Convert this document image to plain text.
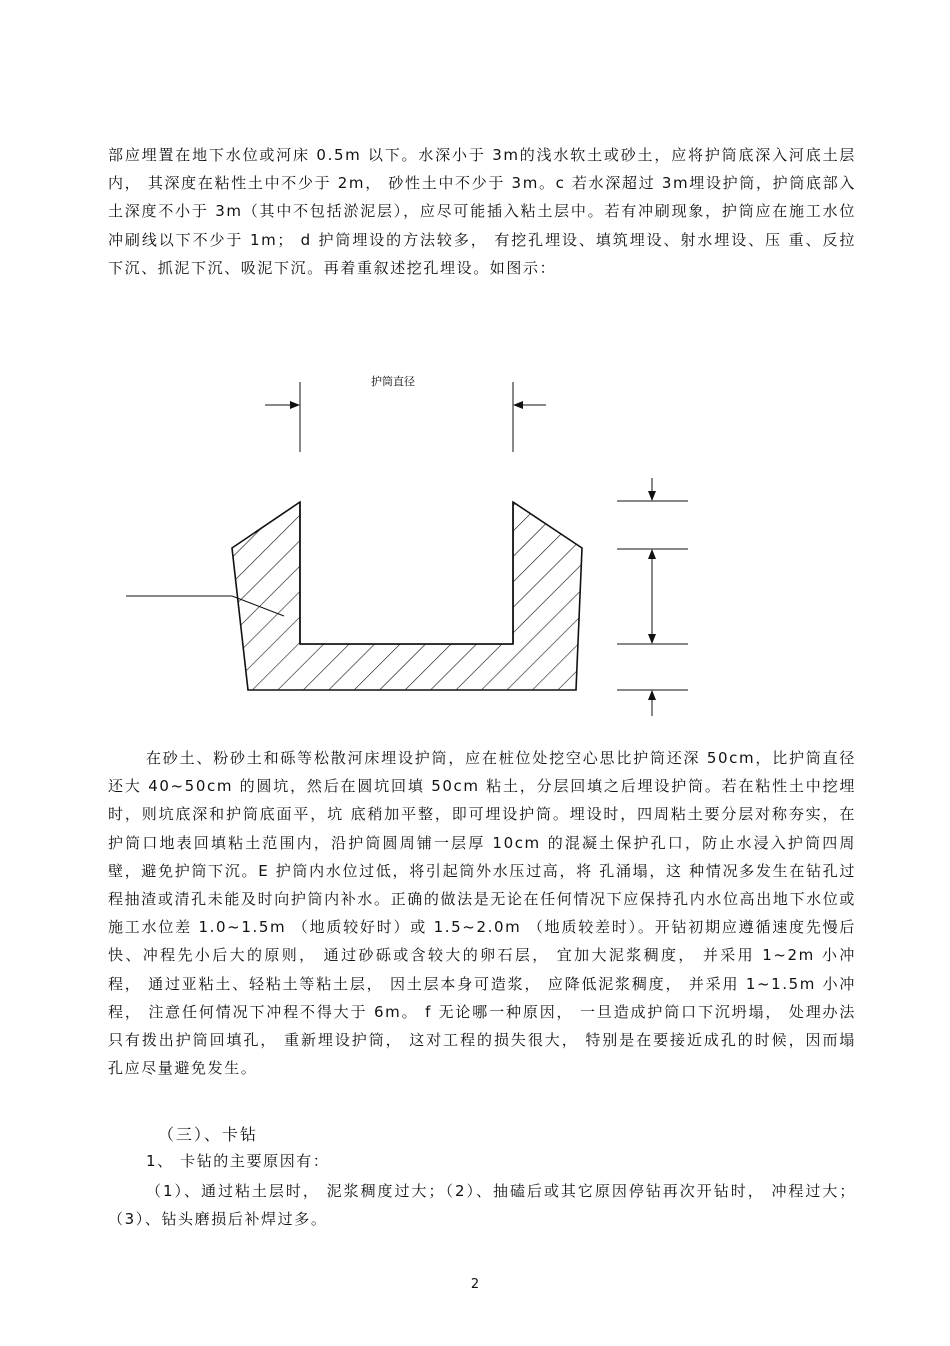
部应埋置在地下水位或河床 0.5m 以下。水深小于 3m的浅水软土或砂土，应将护筒底深入河底土层内， 其深度在粘性土中不少于 2m， 砂性土中不少于 3m。c 若水深超过 3m埋设护筒，护筒底部入土深度不小于 3m（其中不包括淤泥层），应尽可能插入粘土层中。若有冲刷现象，护筒应在施工水位冲刷线以下不少于 1m； d 护筒埋设的方法较多， 有挖孔埋设、填筑埋设、射水埋设、压 重、反拉下沉、抓泥下沉、吸泥下沉。再着重叙述挖孔埋设。如图示：

护筒直径

在砂土、粉砂土和砾等松散河床埋设护筒，应在桩位处挖空心思比护筒还深 50cm，比护筒直径还大 40~50cm 的圆坑，然后在圆坑回填 50cm 粘土，分层回填之后埋设护筒。若在粘性土中挖埋时，则坑底深和护筒底面平，坑 底稍加平整，即可埋设护筒。埋设时，四周粘土要分层对称夯实，在护筒口地表回填粘土范围内，沿护筒圆周铺一层厚 10cm 的混凝土保护孔口，防止水浸入护筒四周壁，避免护筒下沉。E 护筒内水位过低，将引起筒外水压过高，将 孔涌塌，这 种情况多发生在钻孔过程抽渣或清孔未能及时向护筒内补水。正确的做法是无论在任何情况下应保持孔内水位高出地下水位或施工水位差 1.0~1.5m （地质较好时）或 1.5~2.0m （地质较差时）。开钻初期应遵循速度先慢后快、冲程先小后大的原则， 通过砂砾或含较大的卵石层， 宜加大泥浆稠度， 并采用 1~2m 小冲程， 通过亚粘土、轻粘土等粘土层， 因土层本身可造浆， 应降低泥浆稠度， 并采用 1~1.5m 小冲程， 注意任何情况下冲程不得大于 6m。 f 无论哪一种原因， 一旦造成护筒口下沉坍塌， 处理办法只有拨出护筒回填孔， 重新埋设护筒， 这对工程的损失很大， 特别是在要接近成孔的时候，因而塌孔应尽量避免发生。

（三）、卡钻
1、 卡钻的主要原因有：

（1）、通过粘土层时， 泥浆稠度过大；（2）、抽磕后或其它原因停钻再次开钻时， 冲程过大；（3）、钻头磨损后补焊过多。

2
